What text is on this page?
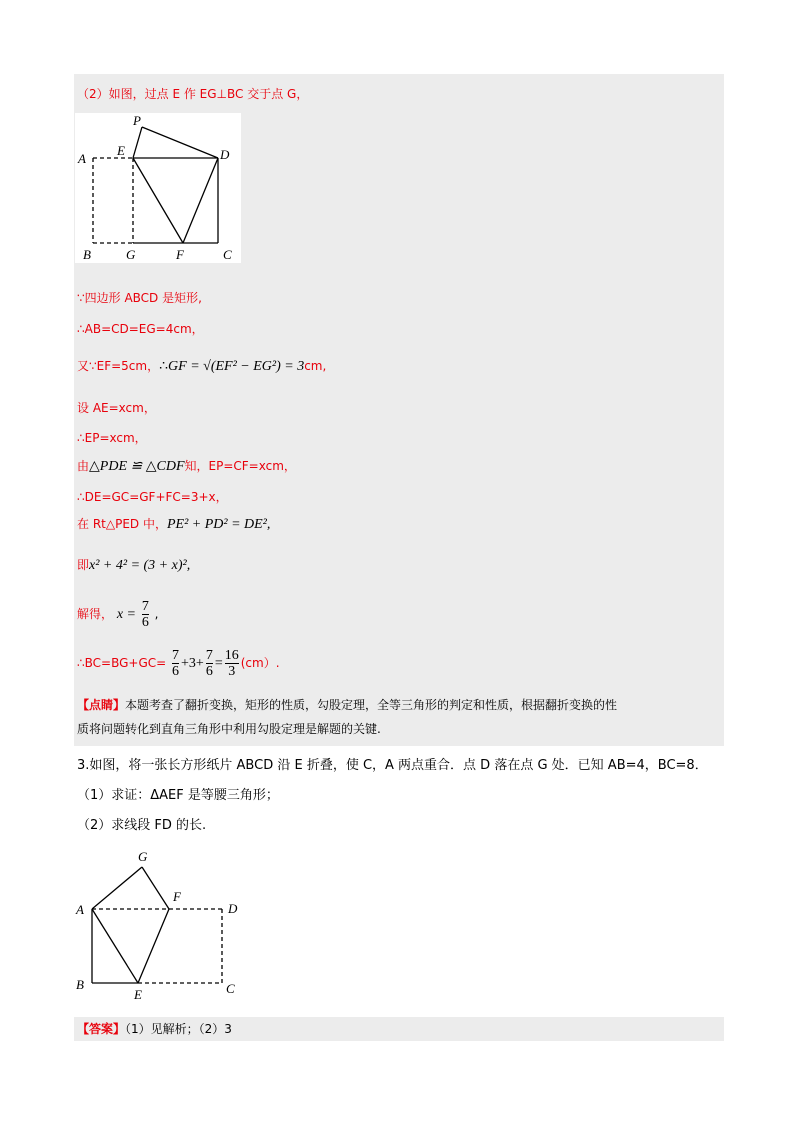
（2）如图，过点 E 作 EG⊥BC 交于点 G，
P
A
E	D
B	G	F	C
∵四边形 ABCD 是矩形,
∴AB=CD=EG=4cm，
又∵EF=5cm，∴GF = √(EF² − EG²) = 3cm,
设 AE=xcm，
∴EP=xcm，
由△PDE ≌ △CDF知，EP=CF=xcm，
∴DE=GC=GF+FC=3+x，
在 Rt△PED 中，PE² + PD² = DE²,
即x² + 4² = (3 + x)²,
解得， $x = \frac{7}{6}$ ,
∴BC=BG+GC= $\frac{7}{6} +3+ \frac{7}{6} = \frac{16}{3} (cm)$.
【点睛】本题考查了翻折变换，矩形的性质，勾股定理，全等三角形的判定和性质，根据翻折变换的性
质将问题转化到直角三角形中利用勾股定理是解题的关键.
3.如图，将一张长方形纸片 ABCD 沿 E 折叠，使 C，A 两点重合．点 D 落在点 G 处．已知 AB=4，BC=8．
（1）求证：ΔAEF 是等腰三角形；
（2）求线段 FD 的长.
G
A
F
D
B
E	C
【答案】（1）见解析；（2）3
